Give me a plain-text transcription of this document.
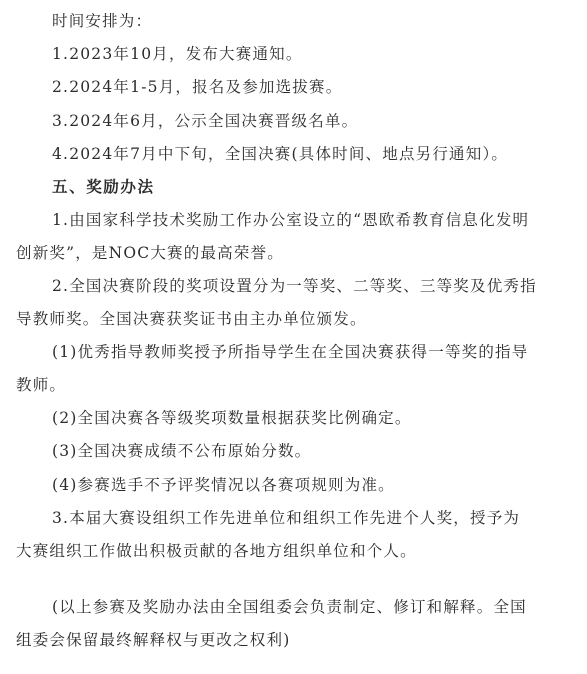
时间安排为：
1.2023年10月，发布大赛通知。
2.2024年1-5月，报名及参加选拔赛。
3.2024年6月，公示全国决赛晋级名单。
4.2024年7月中下旬，全国决赛(具体时间、地点另行通知）。
五、奖励办法
1.由国家科学技术奖励工作办公室设立的“恩欧希教育信息化发明
创新奖”，是NOC大赛的最高荣誉。
2.全国决赛阶段的奖项设置分为一等奖、二等奖、三等奖及优秀指
导教师奖。全国决赛获奖证书由主办单位颁发。
(1)优秀指导教师奖授予所指导学生在全国决赛获得一等奖的指导
教师。
(2)全国决赛各等级奖项数量根据获奖比例确定。
(3)全国决赛成绩不公布原始分数。
(4)参赛选手不予评奖情况以各赛项规则为准。
3.本届大赛设组织工作先进单位和组织工作先进个人奖，授予为
大赛组织工作做出积极贡献的各地方组织单位和个人。
(以上参赛及奖励办法由全国组委会负责制定、修订和解释。全国
组委会保留最终解释权与更改之权利)
